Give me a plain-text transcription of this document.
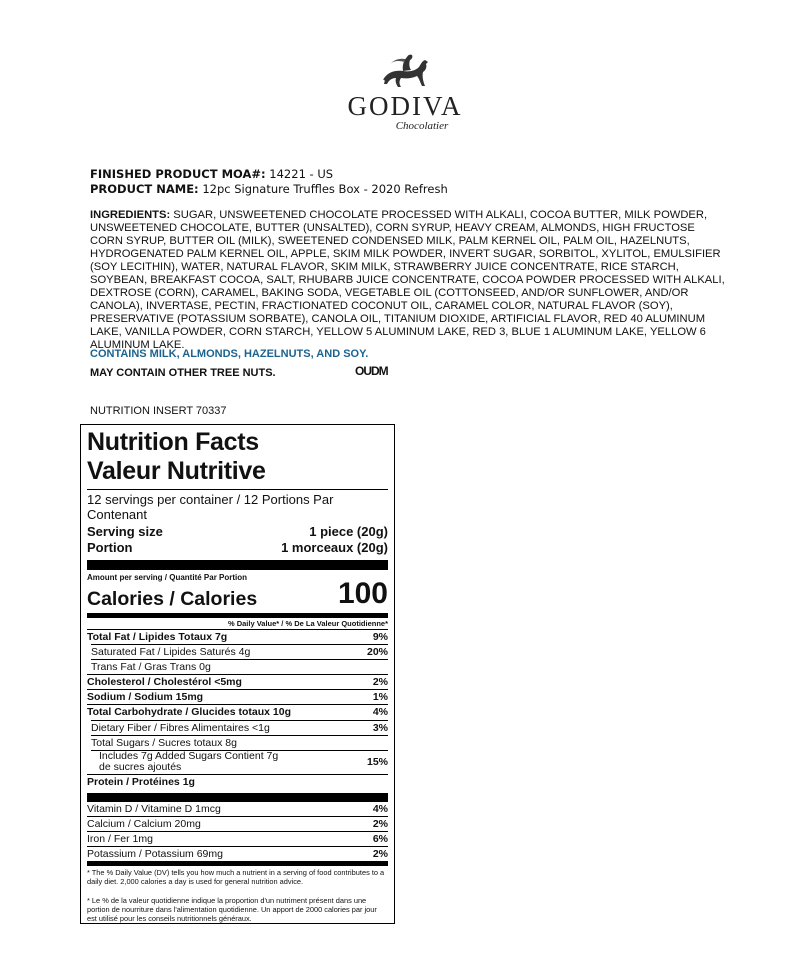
GODIVA
Chocolatier
FINISHED PRODUCT MOA#: 14221 - US
PRODUCT NAME: 12pc Signature Truffles Box - 2020 Refresh
INGREDIENTS: SUGAR, UNSWEETENED CHOCOLATE PROCESSED WITH ALKALI, COCOA BUTTER, MILK POWDER, UNSWEETENED CHOCOLATE, BUTTER (UNSALTED), CORN SYRUP, HEAVY CREAM, ALMONDS, HIGH FRUCTOSE CORN SYRUP, BUTTER OIL (MILK), SWEETENED CONDENSED MILK, PALM KERNEL OIL, PALM OIL, HAZELNUTS, HYDROGENATED PALM KERNEL OIL, APPLE, SKIM MILK POWDER, INVERT SUGAR, SORBITOL, XYLITOL, EMULSIFIER (SOY LECITHIN), WATER, NATURAL FLAVOR, SKIM MILK, STRAWBERRY JUICE CONCENTRATE, RICE STARCH, SOYBEAN, BREAKFAST COCOA, SALT, RHUBARB JUICE CONCENTRATE, COCOA POWDER PROCESSED WITH ALKALI, DEXTROSE (CORN), CARAMEL, BAKING SODA, VEGETABLE OIL (COTTONSEED, AND/OR SUNFLOWER, AND/OR CANOLA), INVERTASE, PECTIN, FRACTIONATED COCONUT OIL, CARAMEL COLOR, NATURAL FLAVOR (SOY), PRESERVATIVE (POTASSIUM SORBATE), CANOLA OIL, TITANIUM DIOXIDE, ARTIFICIAL FLAVOR, RED 40 ALUMINUM LAKE, VANILLA POWDER, CORN STARCH, YELLOW 5 ALUMINUM LAKE, RED 3, BLUE 1 ALUMINUM LAKE, YELLOW 6 ALUMINUM LAKE.
CONTAINS MILK, ALMONDS, HAZELNUTS, AND SOY.
MAY CONTAIN OTHER TREE NUTS.	OUDM
NUTRITION INSERT 70337
Nutrition Facts
Valeur Nutritive
12 servings per container / 12 Portions Par Contenant
Serving size	1 piece (20g)
Portion	1 morceaux (20g)
Amount per serving / Quantité Par Portion
Calories / Calories	100
% Daily Value* / % De La Valeur Quotidienne*
Total Fat / Lipides Totaux 7g	9%
Saturated Fat / Lipides Saturés 4g	20%
Trans Fat / Gras Trans 0g
Cholesterol / Cholestérol <5mg	2%
Sodium / Sodium 15mg	1%
Total Carbohydrate / Glucides totaux 10g	4%
Dietary Fiber / Fibres Alimentaires <1g	3%
Total Sugars / Sucres totaux 8g
Includes 7g Added Sugars Contient 7g de sucres ajoutés	15%
Protein / Protéines 1g
Vitamin D / Vitamine D 1mcg	4%
Calcium / Calcium 20mg	2%
Iron / Fer 1mg	6%
Potassium / Potassium 69mg	2%
* The % Daily Value (DV) tells you how much a nutrient in a serving of food contributes to a daily diet. 2,000 calories a day is used for general nutrition advice.
* Le % de la valeur quotidienne indique la proportion d'un nutriment présent dans une portion de nourriture dans l'alimentation quotidienne. Un apport de 2000 calories par jour est utilisé pour les conseils nutritionnels généraux.
